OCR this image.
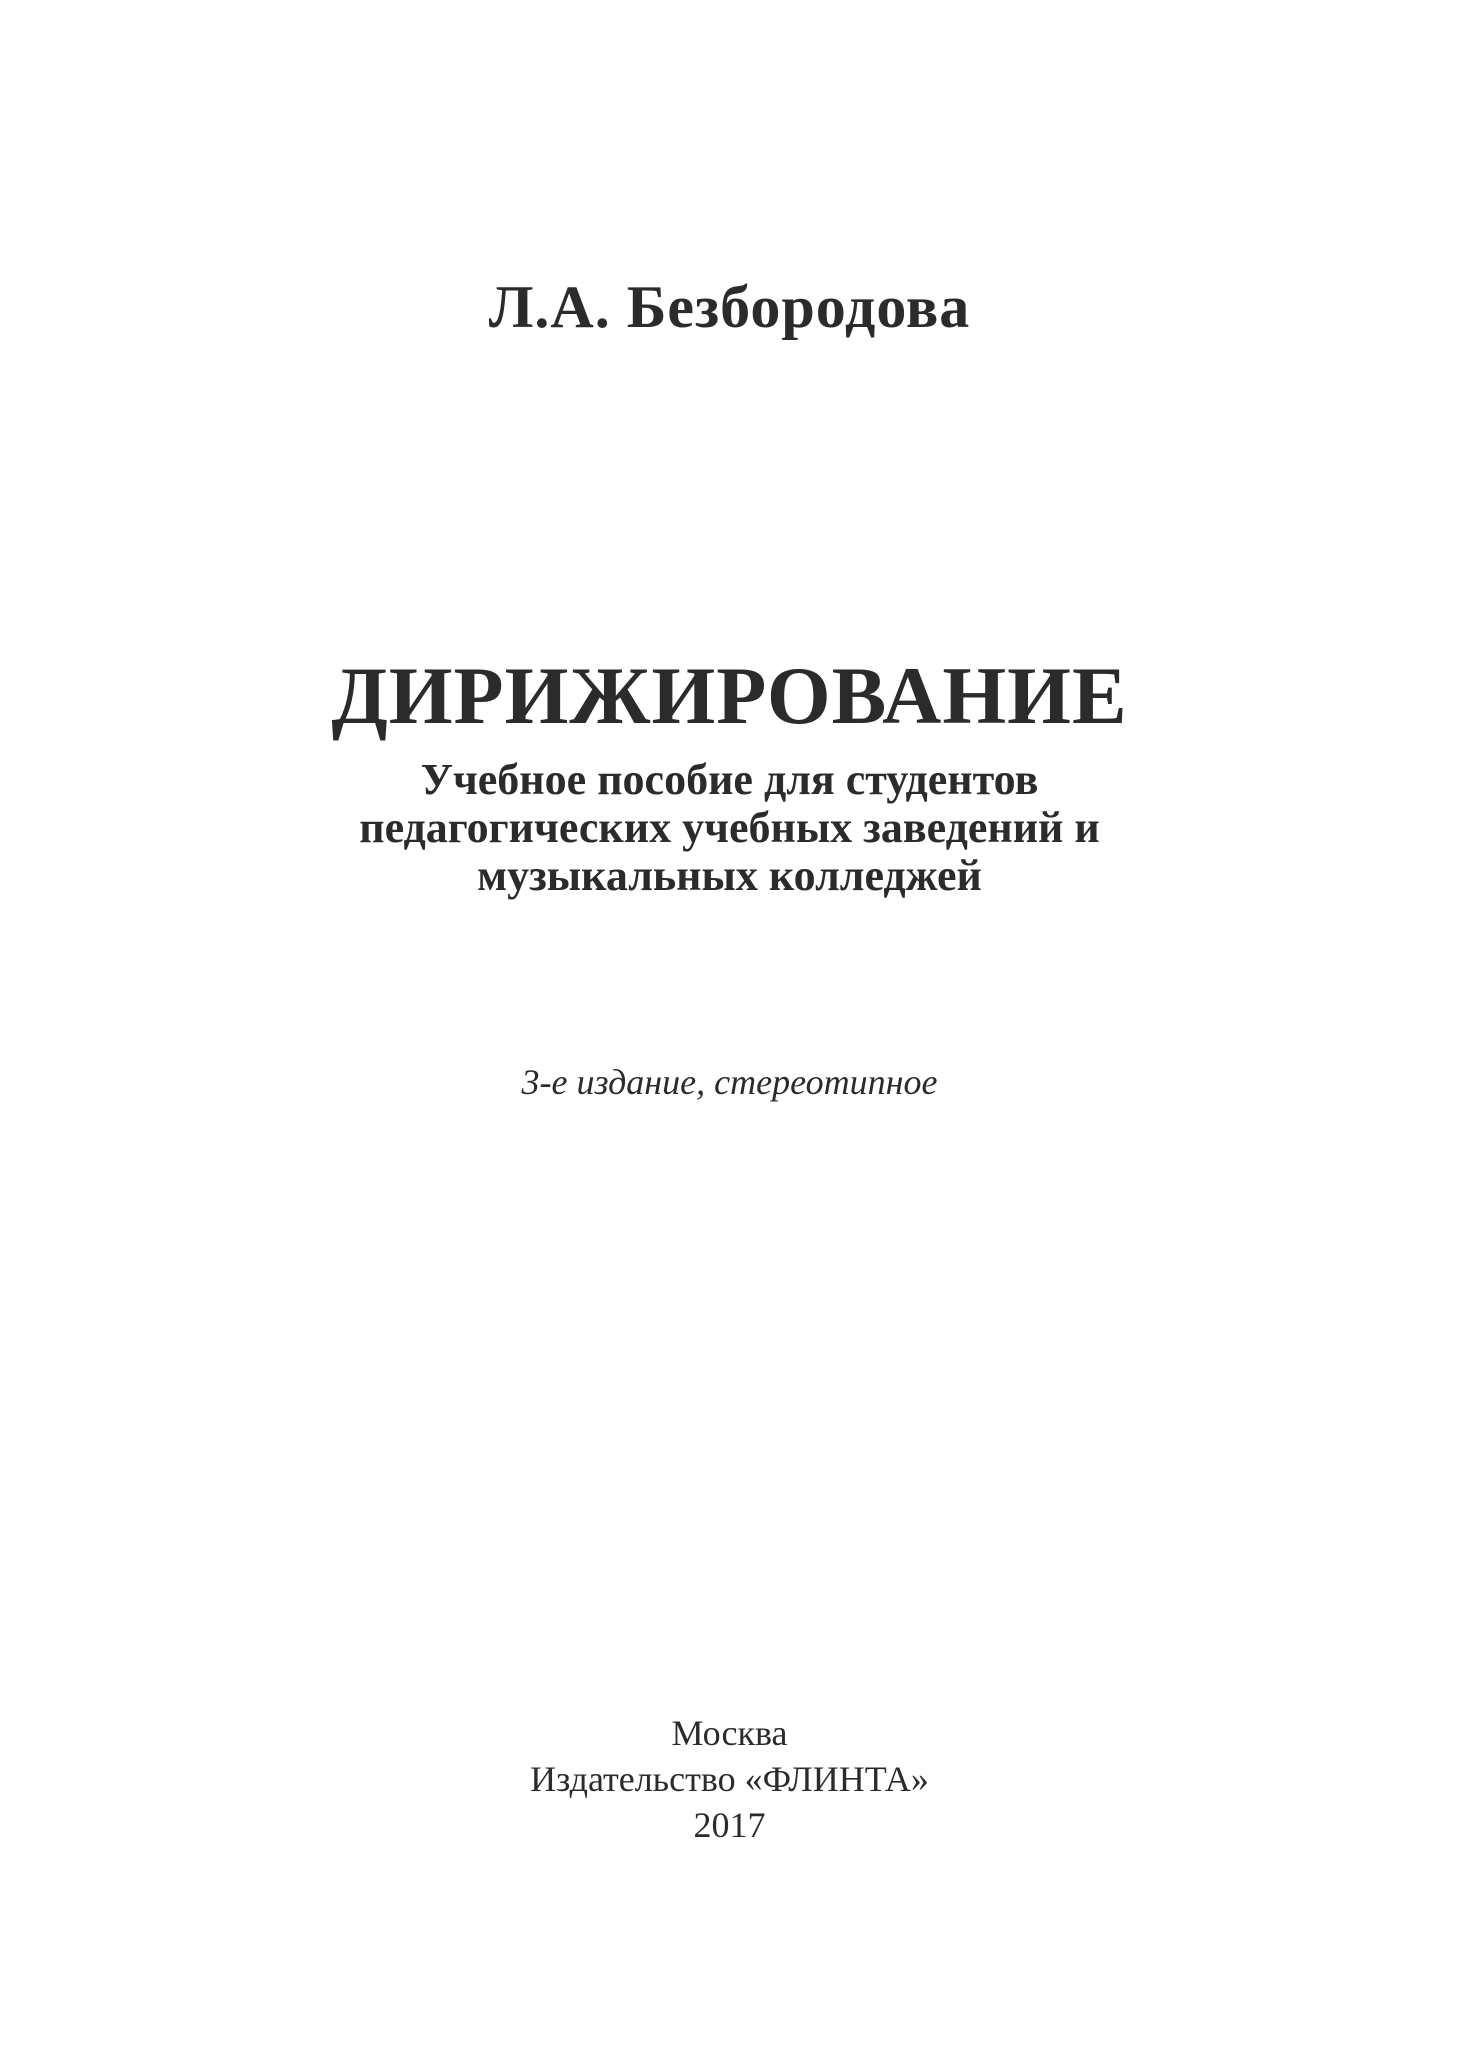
Л.А. Безбородова
ДИРИЖИРОВАНИЕ
Учебное пособие для студентов
педагогических учебных заведений и
музыкальных колледжей
3-е издание, стереотипное
Москва
Издательство «ФЛИНТА»
2017
